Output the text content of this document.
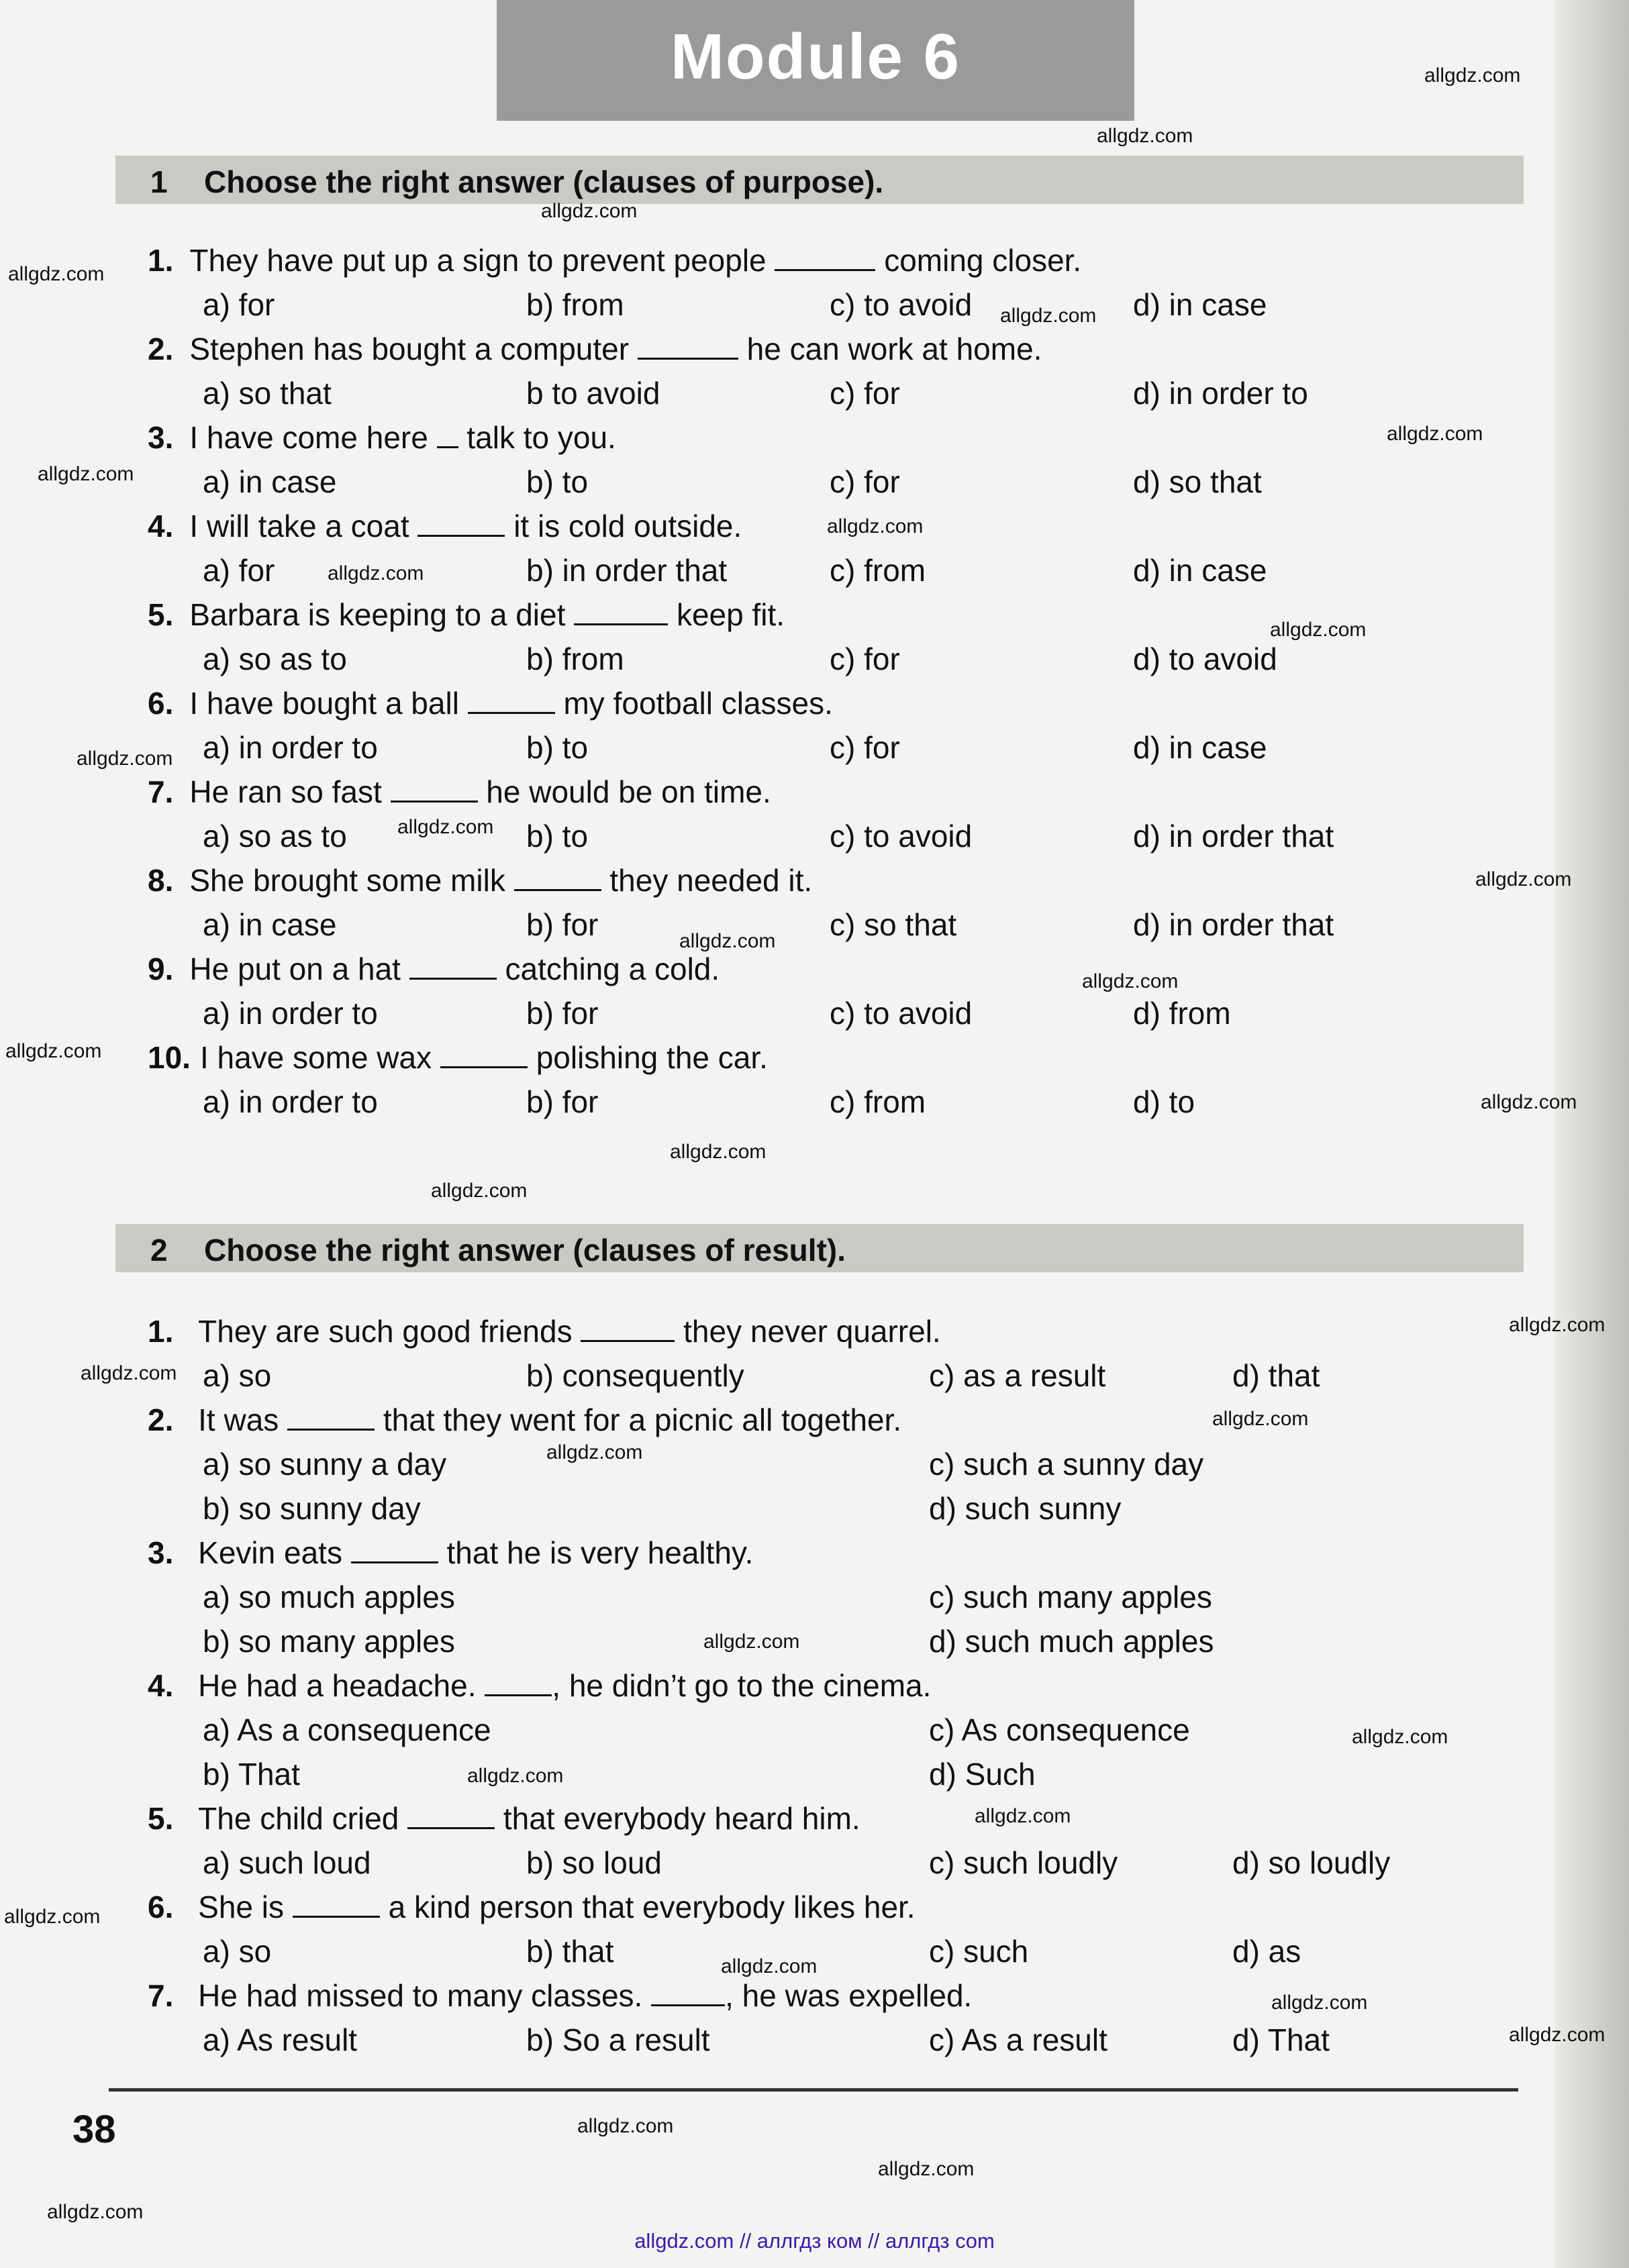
Module 6
1 Choose the right answer (clauses of purpose).
1. They have put up a sign to prevent people	coming closer.
a) for	b) from	c) to avoid	d) in case
2. Stephen has bought a computer	he can work at home.
a) so that	b to avoid	c) for	d) in order to
3. I have come here talk to you.
a) in case	b) to	c) for	d) so that
4. I will take a coat	it is cold outside.
a) for	b) in order that	c) from	d) in case
5. Barbara is keeping to a diet	keep fit.
a) so as to	b) from	c) for	d) to avoid
6. I have bought a ball	my football classes.
a) in order to	b) to	c) for	d) in case
7. He ran so fast	he would be on time.
a) so as to	b) to	c) to avoid	d) in order that
8. She brought some milk	they needed it.
a) in case	b) for	c) so that	d) in order that
9. He put on a hat	catching a cold.
a) in order to	b) for	c) to avoid	d) from
10. I have some wax	polishing the car.
a) in order to	b) for	c) from	d) to
2 Choose the right answer (clauses of result).
1. They are such good friends	they never quarrel.
a) so	b) consequently	c) as a result	d) that
2. It was	that they went for a picnic all together.
a) so sunny a day	c) such a sunny day
b) so sunny day	d) such sunny
3. Kevin eats	that he is very healthy.
a) so much apples	c) such many apples
b) so many apples	d) such much apples
4. He had a headache. , he didn’t go to the cinema.
a) As a consequence	c) As consequence
b) That	d) Such
5. The child cried	that everybody heard him.
a) such loud	b) so loud	c) such loudly	d) so loudly
6. She is	a kind person that everybody likes her.
a) so	b) that	c) such	d) as
7. He had missed to many classes.	, he was expelled.
a) As result	b) So a result	c) As a result	d) That
38
allgdz.com
allgdz.com
allgdz.com
allgdz.com
allgdz.com
allgdz.com
allgdz.com
allgdz.com
allgdz.com
allgdz.com
allgdz.com
allgdz.com
allgdz.com
allgdz.com
allgdz.com
allgdz.com
allgdz.com
allgdz.com
allgdz.com
allgdz.com
allgdz.com
allgdz.com
allgdz.com
allgdz.com
allgdz.com
allgdz.com
allgdz.com
allgdz.com
allgdz.com
allgdz.com
allgdz.com
allgdz.com
allgdz.com
allgdz.com
allgdz.com // аллгдз ком // аллгдз com
